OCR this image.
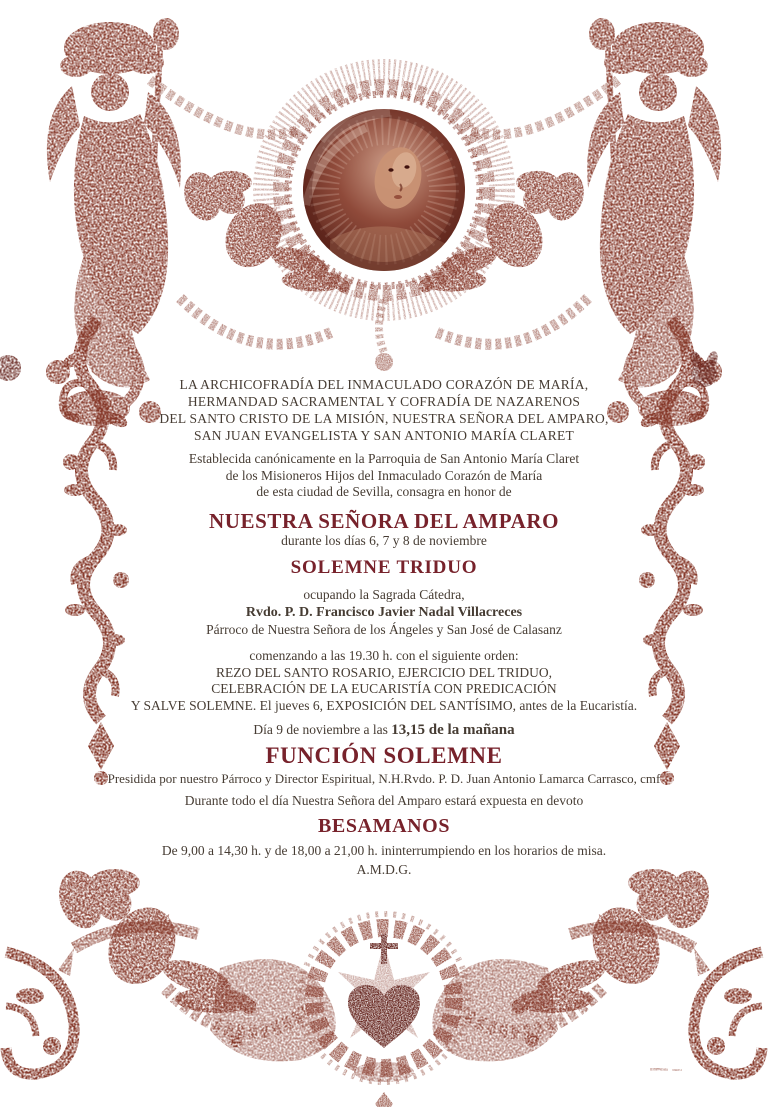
LA ARCHICOFRADÍA DEL INMACULADO CORAZÓN DE MARÍA,
HERMANDAD SACRAMENTAL Y COFRADÍA DE NAZARENOS
DEL SANTO CRISTO DE LA MISIÓN, NUESTRA SEÑORA DEL AMPARO,
SAN JUAN EVANGELISTA Y SAN ANTONIO MARÍA CLARET
Establecida canónicamente en la Parroquia de San Antonio María Claret
de los Misioneros Hijos del Inmaculado Corazón de María
de esta ciudad de Sevilla, consagra en honor de
NUESTRA SEÑORA DEL AMPARO
durante los días 6, 7 y 8 de noviembre
SOLEMNE TRIDUO
ocupando la Sagrada Cátedra,
Rvdo. P. D. Francisco Javier Nadal Villacreces
Párroco de Nuestra Señora de los Ángeles y San José de Calasanz
comenzando a las 19.30 h. con el siguiente orden:
REZO DEL SANTO ROSARIO, EJERCICIO DEL TRIDUO,
CELEBRACIÓN DE LA EUCARISTÍA CON PREDICACIÓN
Y SALVE SOLEMNE. El jueves 6, EXPOSICIÓN DEL SANTÍSIMO, antes de la Eucaristía.
Día 9 de noviembre a las 13,15 de la mañana
FUNCIÓN SOLEMNE
Presidida por nuestro Párroco y Director Espiritual, N.H.Rvdo. P. D. Juan Antonio Lamarca Carrasco, cmf
Durante todo el día Nuestra Señora del Amparo estará expuesta en devoto
BESAMANOS
De 9,00 a 14,30 h. y de 18,00 a 21,00 h. ininterrumpiendo en los horarios de misa.
A.M.D.G.
